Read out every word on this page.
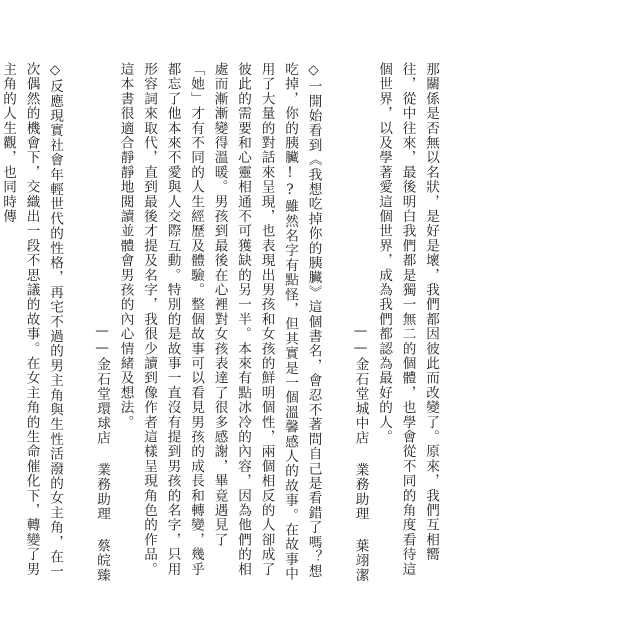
那關係是否無以名狀，是好是壞，我們都因彼此而改變了。原來，我們互相嚮往，從中往來，最後明白我們都是獨一無二的個體，也學會從不同的角度看待這個世界，以及學著愛這個世界，成為我們都認為最好的人。
——金石堂城中店 業務助理 葉翊潔

◇一開始看到《我想吃掉你的胰臟》這個書名，會忍不著問自己是看錯了嗎？想吃掉，你的胰臟!?雖然名字有點怪，但其實是一個溫馨感人的故事。在故事中用了大量的對話來呈現，也表現出男孩和女孩的鮮明個性，兩個相反的人卻成了彼此的需要和心靈相通不可獲缺的另一半。本來有點冰冷的內容，因為他們的相處而漸漸變得溫暖。男孩到最後在心裡對女孩表達了很多感謝，畢竟遇見了「她」才有不同的人生經歷及體驗。整個故事可以看見男孩的成長和轉變，幾乎都忘了他本來不愛與人交際互動。特別的是故事一直沒有提到男孩的名字，只用形容詞來取代，直到最後才提及名字，我很少讀到像作者這樣呈現角色的作品。這本書很適合靜靜地閱讀並體會男孩的內心情緒及想法。
——金石堂環球店 業務助理 蔡皖臻

◇反應現實社會年輕世代的性格，再宅不過的男主角與生性活潑的女主角，在一次偶然的機會下，交織出一段不思議的故事。在女主角的生命催化下，轉變了男主角的人生觀，也同時傳
